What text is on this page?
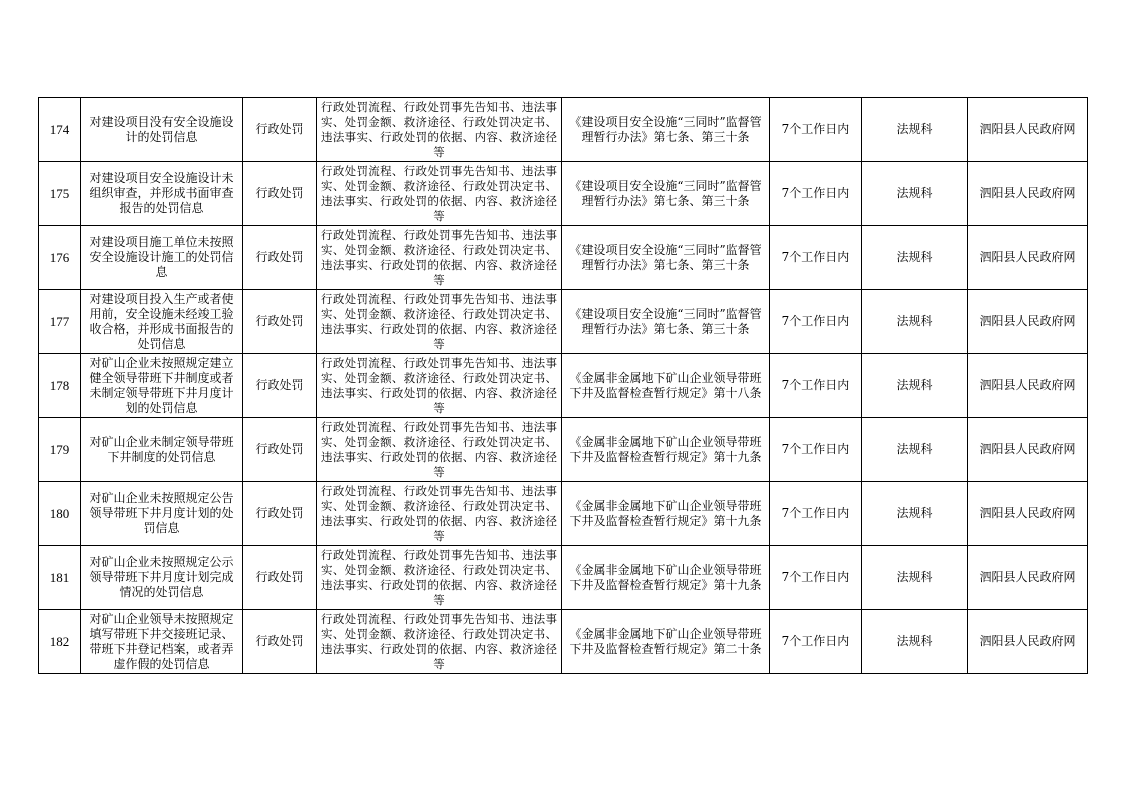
174	对建设项目没有安全设施设计的处罚信息	行政处罚	行政处罚流程、行政处罚事先告知书、违法事实、处罚金额、救济途径、行政处罚决定书、违法事实、行政处罚的依据、内容、救济途径等	《建设项目安全设施“三同时”监督管理暂行办法》第七条、第三十条	7个工作日内	法规科	泗阳县人民政府网
175	对建设项目安全设施设计未组织审查，并形成书面审查报告的处罚信息	行政处罚	行政处罚流程、行政处罚事先告知书、违法事实、处罚金额、救济途径、行政处罚决定书、违法事实、行政处罚的依据、内容、救济途径等	《建设项目安全设施“三同时”监督管理暂行办法》第七条、第三十条	7个工作日内	法规科	泗阳县人民政府网
176	对建设项目施工单位未按照安全设施设计施工的处罚信息	行政处罚	行政处罚流程、行政处罚事先告知书、违法事实、处罚金额、救济途径、行政处罚决定书、违法事实、行政处罚的依据、内容、救济途径等	《建设项目安全设施“三同时”监督管理暂行办法》第七条、第三十条	7个工作日内	法规科	泗阳县人民政府网
177	对建设项目投入生产或者使用前，安全设施未经竣工验收合格，并形成书面报告的处罚信息	行政处罚	行政处罚流程、行政处罚事先告知书、违法事实、处罚金额、救济途径、行政处罚决定书、违法事实、行政处罚的依据、内容、救济途径等	《建设项目安全设施“三同时”监督管理暂行办法》第七条、第三十条	7个工作日内	法规科	泗阳县人民政府网
178	对矿山企业未按照规定建立健全领导带班下井制度或者未制定领导带班下井月度计划的处罚信息	行政处罚	行政处罚流程、行政处罚事先告知书、违法事实、处罚金额、救济途径、行政处罚决定书、违法事实、行政处罚的依据、内容、救济途径等	《金属非金属地下矿山企业领导带班下井及监督检查暂行规定》第十八条	7个工作日内	法规科	泗阳县人民政府网
179	对矿山企业未制定领导带班下井制度的处罚信息	行政处罚	行政处罚流程、行政处罚事先告知书、违法事实、处罚金额、救济途径、行政处罚决定书、违法事实、行政处罚的依据、内容、救济途径等	《金属非金属地下矿山企业领导带班下井及监督检查暂行规定》第十九条	7个工作日内	法规科	泗阳县人民政府网
180	对矿山企业未按照规定公告领导带班下井月度计划的处罚信息	行政处罚	行政处罚流程、行政处罚事先告知书、违法事实、处罚金额、救济途径、行政处罚决定书、违法事实、行政处罚的依据、内容、救济途径等	《金属非金属地下矿山企业领导带班下井及监督检查暂行规定》第十九条	7个工作日内	法规科	泗阳县人民政府网
181	对矿山企业未按照规定公示领导带班下井月度计划完成情况的处罚信息	行政处罚	行政处罚流程、行政处罚事先告知书、违法事实、处罚金额、救济途径、行政处罚决定书、违法事实、行政处罚的依据、内容、救济途径等	《金属非金属地下矿山企业领导带班下井及监督检查暂行规定》第十九条	7个工作日内	法规科	泗阳县人民政府网
182	对矿山企业领导未按照规定填写带班下井交接班记录、带班下井登记档案，或者弄虚作假的处罚信息	行政处罚	行政处罚流程、行政处罚事先告知书、违法事实、处罚金额、救济途径、行政处罚决定书、违法事实、行政处罚的依据、内容、救济途径等	《金属非金属地下矿山企业领导带班下井及监督检查暂行规定》第二十条	7个工作日内	法规科	泗阳县人民政府网
